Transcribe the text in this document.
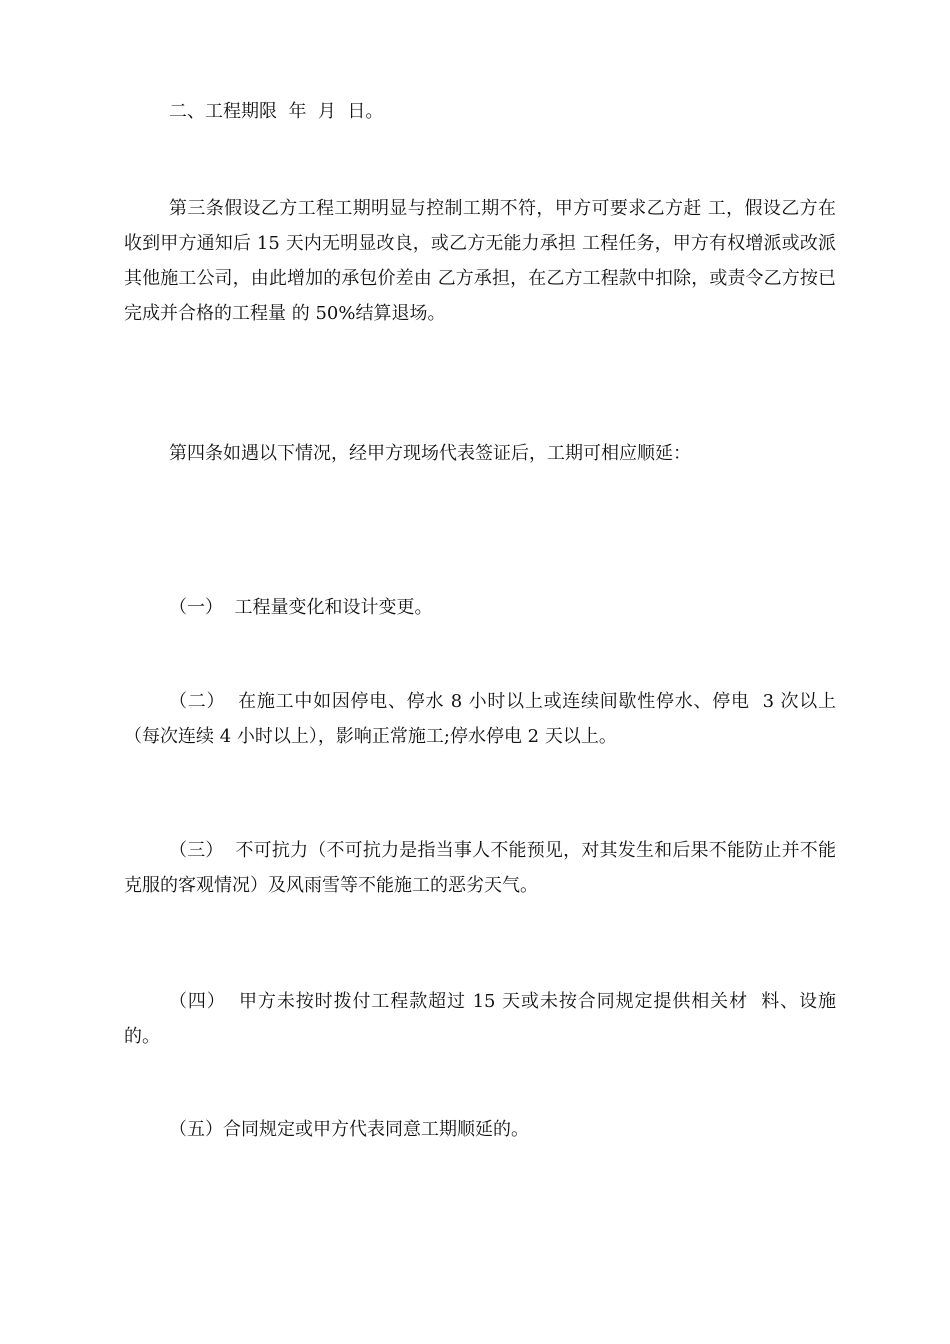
二、工程期限  年  月  日。

第三条假设乙方工程工期明显与控制工期不符，甲方可要求乙方赶 工，假设乙方在收到甲方通知后 15 天内无明显改良，或乙方无能力承担 工程任务，甲方有权增派或改派其他施工公司，由此增加的承包价差由 乙方承担，在乙方工程款中扣除，或责令乙方按已完成并合格的工程量 的 50%结算退场。

第四条如遇以下情况，经甲方现场代表签证后，工期可相应顺延：

（一）  工程量变化和设计变更。

（二）  在施工中如因停电、停水 8 小时以上或连续间歇性停水、停电  3 次以上（每次连续 4 小时以上），影响正常施工;停水停电 2 天以上。

（三）  不可抗力（不可抗力是指当事人不能预见，对其发生和后果不能防止并不能克服的客观情况）及风雨雪等不能施工的恶劣天气。

（四）  甲方未按时拨付工程款超过 15 天或未按合同规定提供相关材  料、设施的。

（五）合同规定或甲方代表同意工期顺延的。
